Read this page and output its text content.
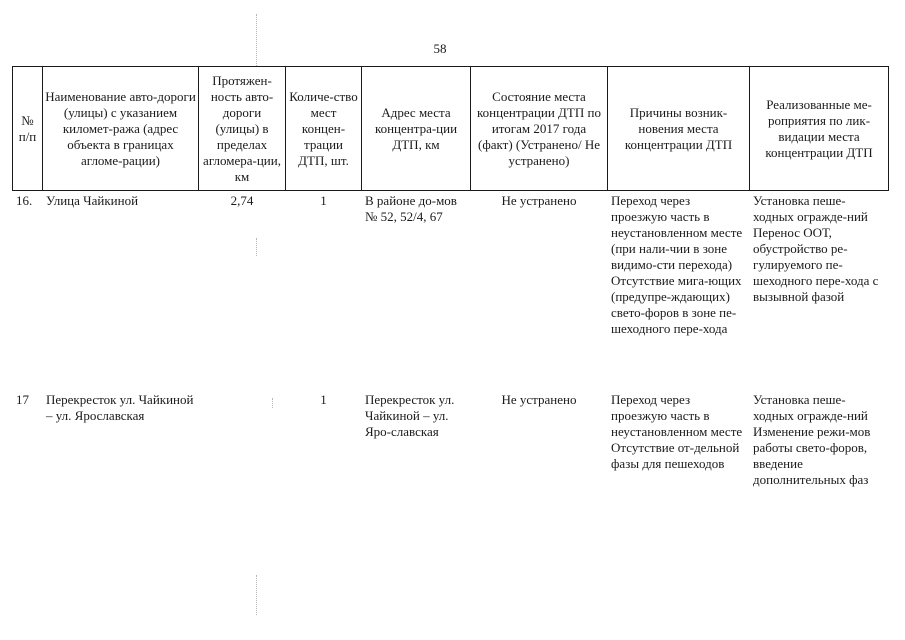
58
№ п/п	Наименование авто-дороги (улицы) с указанием километ-ража (адрес объекта в границах агломе-рации)	Протяжен-ность авто-дороги (улицы) в пределах агломера-ции, км	Количе-ство мест концен-трации ДТП, шт.	Адрес места концентра-ции ДТП, км	Состояние места концентрации ДТП по итогам 2017 года (факт) (Устранено/ Не устранено)	Причины возник-новения места концентрации ДТП	Реализованные ме-роприятия по лик-видации места концентрации ДТП
16.	Улица Чайкиной	2,74	1	В районе до-мов № 52, 52/4, 67	Не устранено	Переход через проезжую часть в неустановленном месте (при нали-чии в зоне видимо-сти перехода) Отсутствие мига-ющих (предупре-ждающих) свето-форов в зоне пе-шеходного пере-хода	Установка пеше-ходных огражде-ний Перенос ООТ, обустройство ре-гулируемого пе-шеходного пере-хода с вызывной фазой
17	Перекресток ул. Чайкиной – ул. Ярославская		1	Перекресток ул. Чайкиной – ул. Яро-славская	Не устранено	Переход через проезжую часть в неустановленном месте Отсутствие от-дельной фазы для пешеходов	Установка пеше-ходных огражде-ний Изменение режи-мов работы свето-форов, введение дополнительных фаз
